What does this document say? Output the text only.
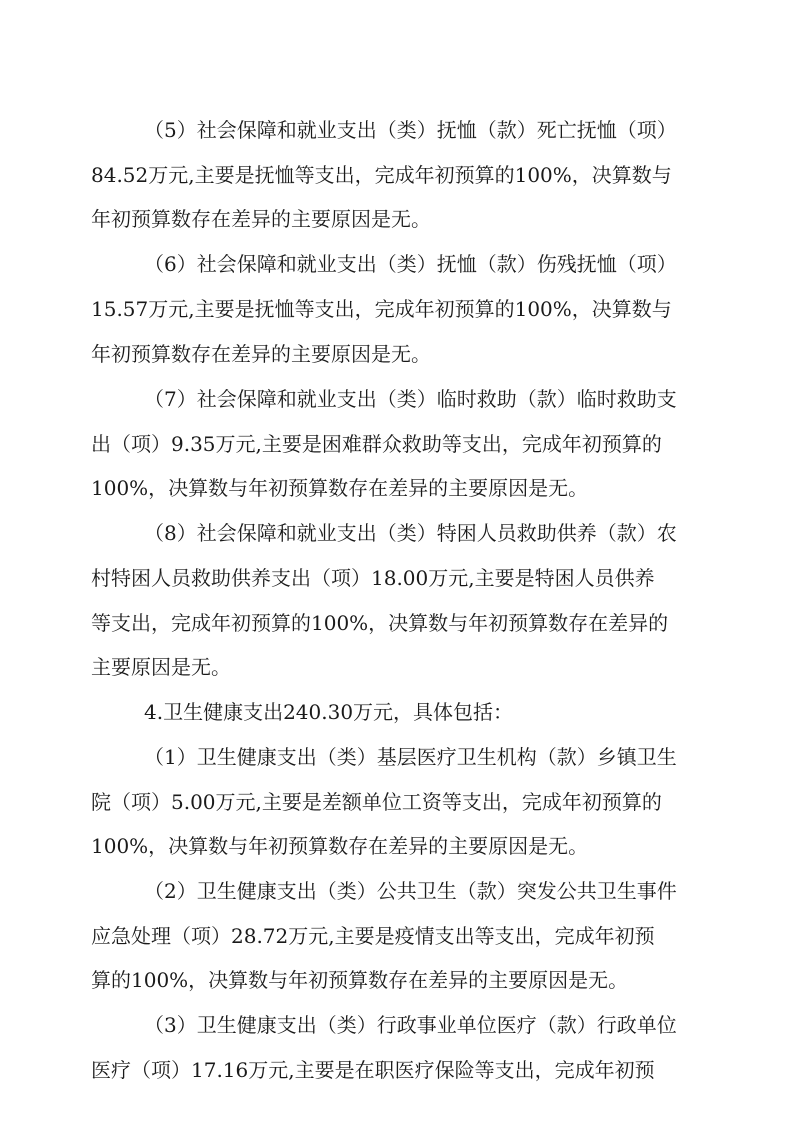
（5）社会保障和就业支出（类）抚恤（款）死亡抚恤（项）
84.52万元,主要是抚恤等支出，完成年初预算的100%，决算数与
年初预算数存在差异的主要原因是无。
（6）社会保障和就业支出（类）抚恤（款）伤残抚恤（项）
15.57万元,主要是抚恤等支出，完成年初预算的100%，决算数与
年初预算数存在差异的主要原因是无。
（7）社会保障和就业支出（类）临时救助（款）临时救助支
出（项）9.35万元,主要是困难群众救助等支出，完成年初预算的
100%，决算数与年初预算数存在差异的主要原因是无。
（8）社会保障和就业支出（类）特困人员救助供养（款）农
村特困人员救助供养支出（项）18.00万元,主要是特困人员供养
等支出，完成年初预算的100%，决算数与年初预算数存在差异的
主要原因是无。
4.卫生健康支出240.30万元，具体包括：
（1）卫生健康支出（类）基层医疗卫生机构（款）乡镇卫生
院（项）5.00万元,主要是差额单位工资等支出，完成年初预算的
100%，决算数与年初预算数存在差异的主要原因是无。
（2）卫生健康支出（类）公共卫生（款）突发公共卫生事件
应急处理（项）28.72万元,主要是疫情支出等支出，完成年初预
算的100%，决算数与年初预算数存在差异的主要原因是无。
（3）卫生健康支出（类）行政事业单位医疗（款）行政单位
医疗（项）17.16万元,主要是在职医疗保险等支出，完成年初预
